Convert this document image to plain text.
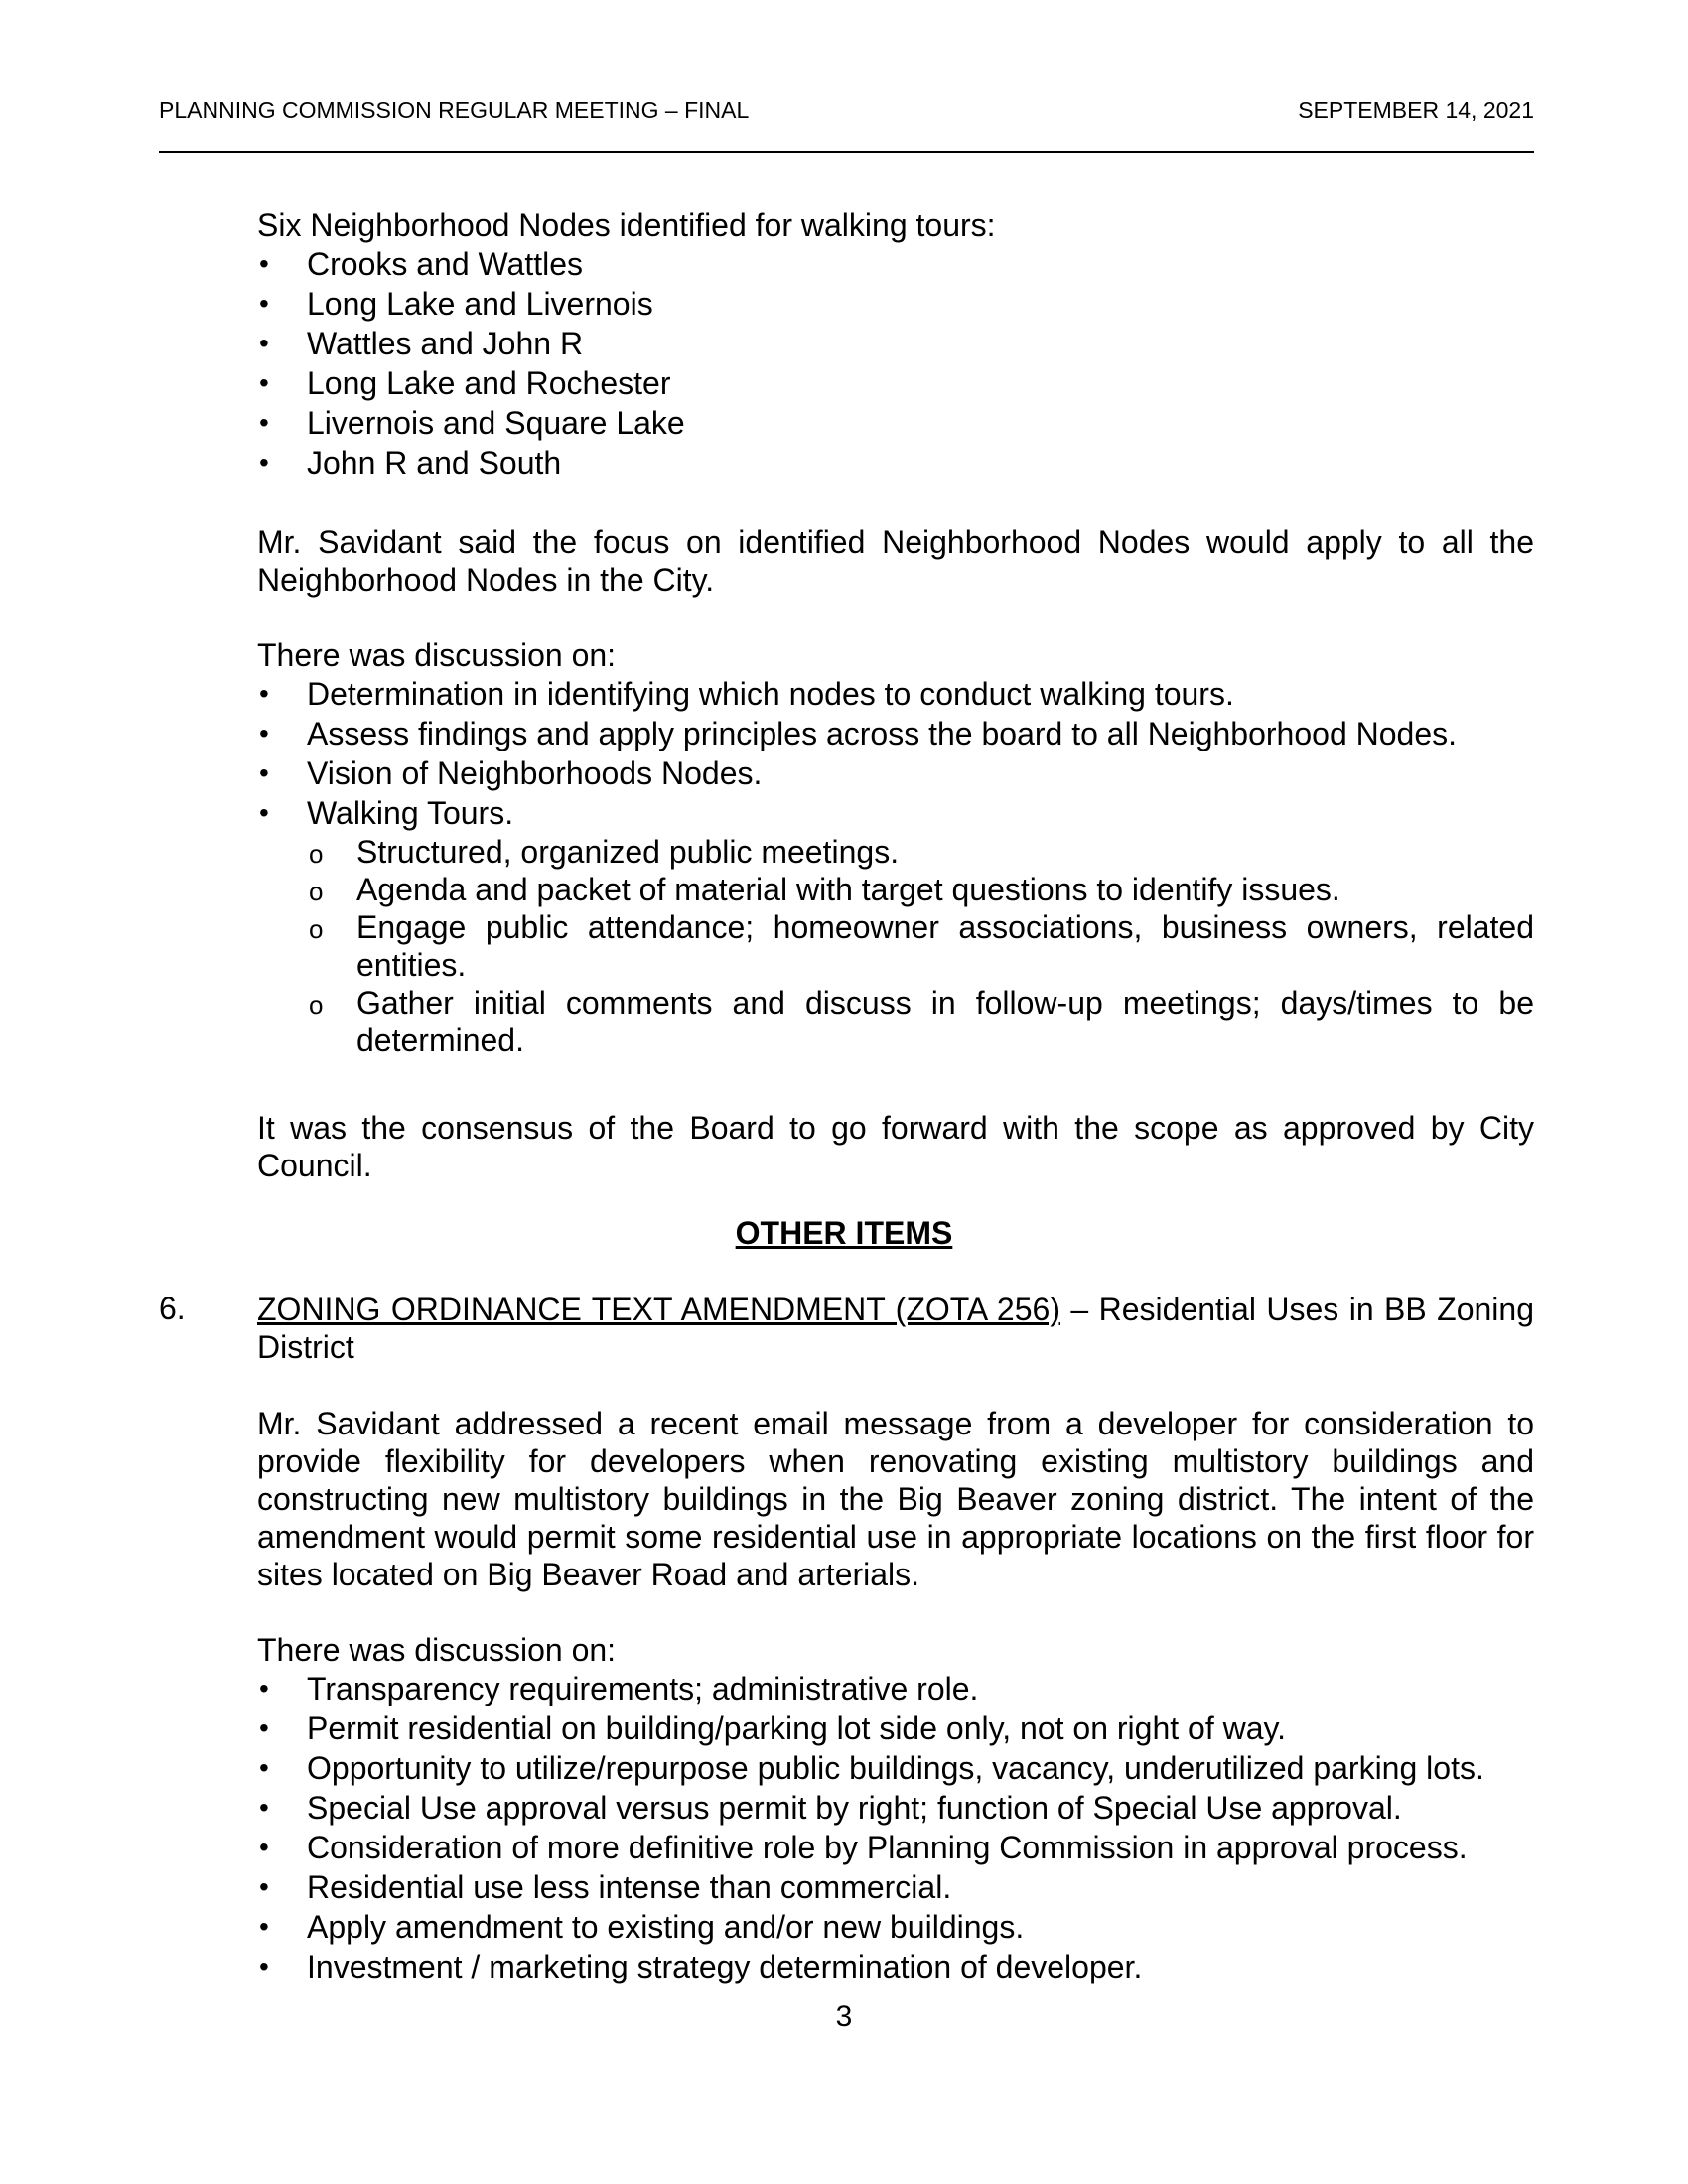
PLANNING COMMISSION REGULAR MEETING – FINAL	SEPTEMBER 14, 2021

Six Neighborhood Nodes identified for walking tours:

• Crooks and Wattles
• Long Lake and Livernois
• Wattles and John R
• Long Lake and Rochester
• Livernois and Square Lake
• John R and South

Mr. Savidant said the focus on identified Neighborhood Nodes would apply to all the Neighborhood Nodes in the City.

There was discussion on:

• Determination in identifying which nodes to conduct walking tours.
• Assess findings and apply principles across the board to all Neighborhood Nodes.
• Vision of Neighborhoods Nodes.
• Walking Tours.
o Structured, organized public meetings.
o Agenda and packet of material with target questions to identify issues.
o Engage public attendance; homeowner associations, business owners, related entities.
o Gather initial comments and discuss in follow-up meetings; days/times to be determined.

It was the consensus of the Board to go forward with the scope as approved by City Council.

OTHER ITEMS
6. ZONING ORDINANCE TEXT AMENDMENT (ZOTA 256) – Residential Uses in BB Zoning District

Mr. Savidant addressed a recent email message from a developer for consideration to provide flexibility for developers when renovating existing multistory buildings and constructing new multistory buildings in the Big Beaver zoning district. The intent of the amendment would permit some residential use in appropriate locations on the first floor for sites located on Big Beaver Road and arterials.

There was discussion on:

• Transparency requirements; administrative role.
• Permit residential on building/parking lot side only, not on right of way.
• Opportunity to utilize/repurpose public buildings, vacancy, underutilized parking lots.
• Special Use approval versus permit by right; function of Special Use approval.
• Consideration of more definitive role by Planning Commission in approval process.
• Residential use less intense than commercial.
• Apply amendment to existing and/or new buildings.
• Investment / marketing strategy determination of developer.
3
